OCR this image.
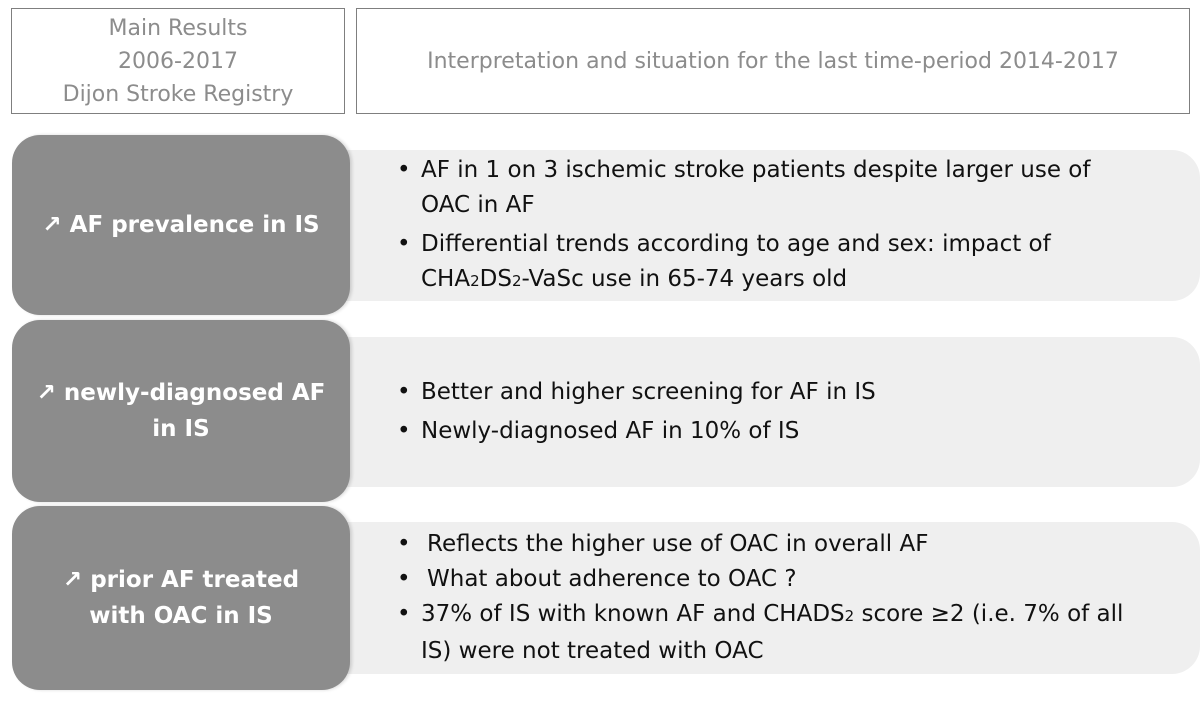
Main Results
2006-2017
Dijon Stroke Registry
Interpretation and situation for the last time-period 2014-2017

• AF in 1 on 3 ischemic stroke patients despite larger use of OAC in AF

• Differential trends according to age and sex: impact of CHA2DS2-VaSc use in 65-74 years old

↗ AF prevalence in IS

• Better and higher screening for AF in IS

• Newly-diagnosed AF in 10% of IS

↗ newly-diagnosed AF
in IS

• Reflects the higher use of OAC in overall AF

• What about adherence to OAC ?

• 37% of IS with known AF and CHADS2 score ≥2 (i.e. 7% of all IS) were not treated with OAC

↗ prior AF treated
with OAC in IS
